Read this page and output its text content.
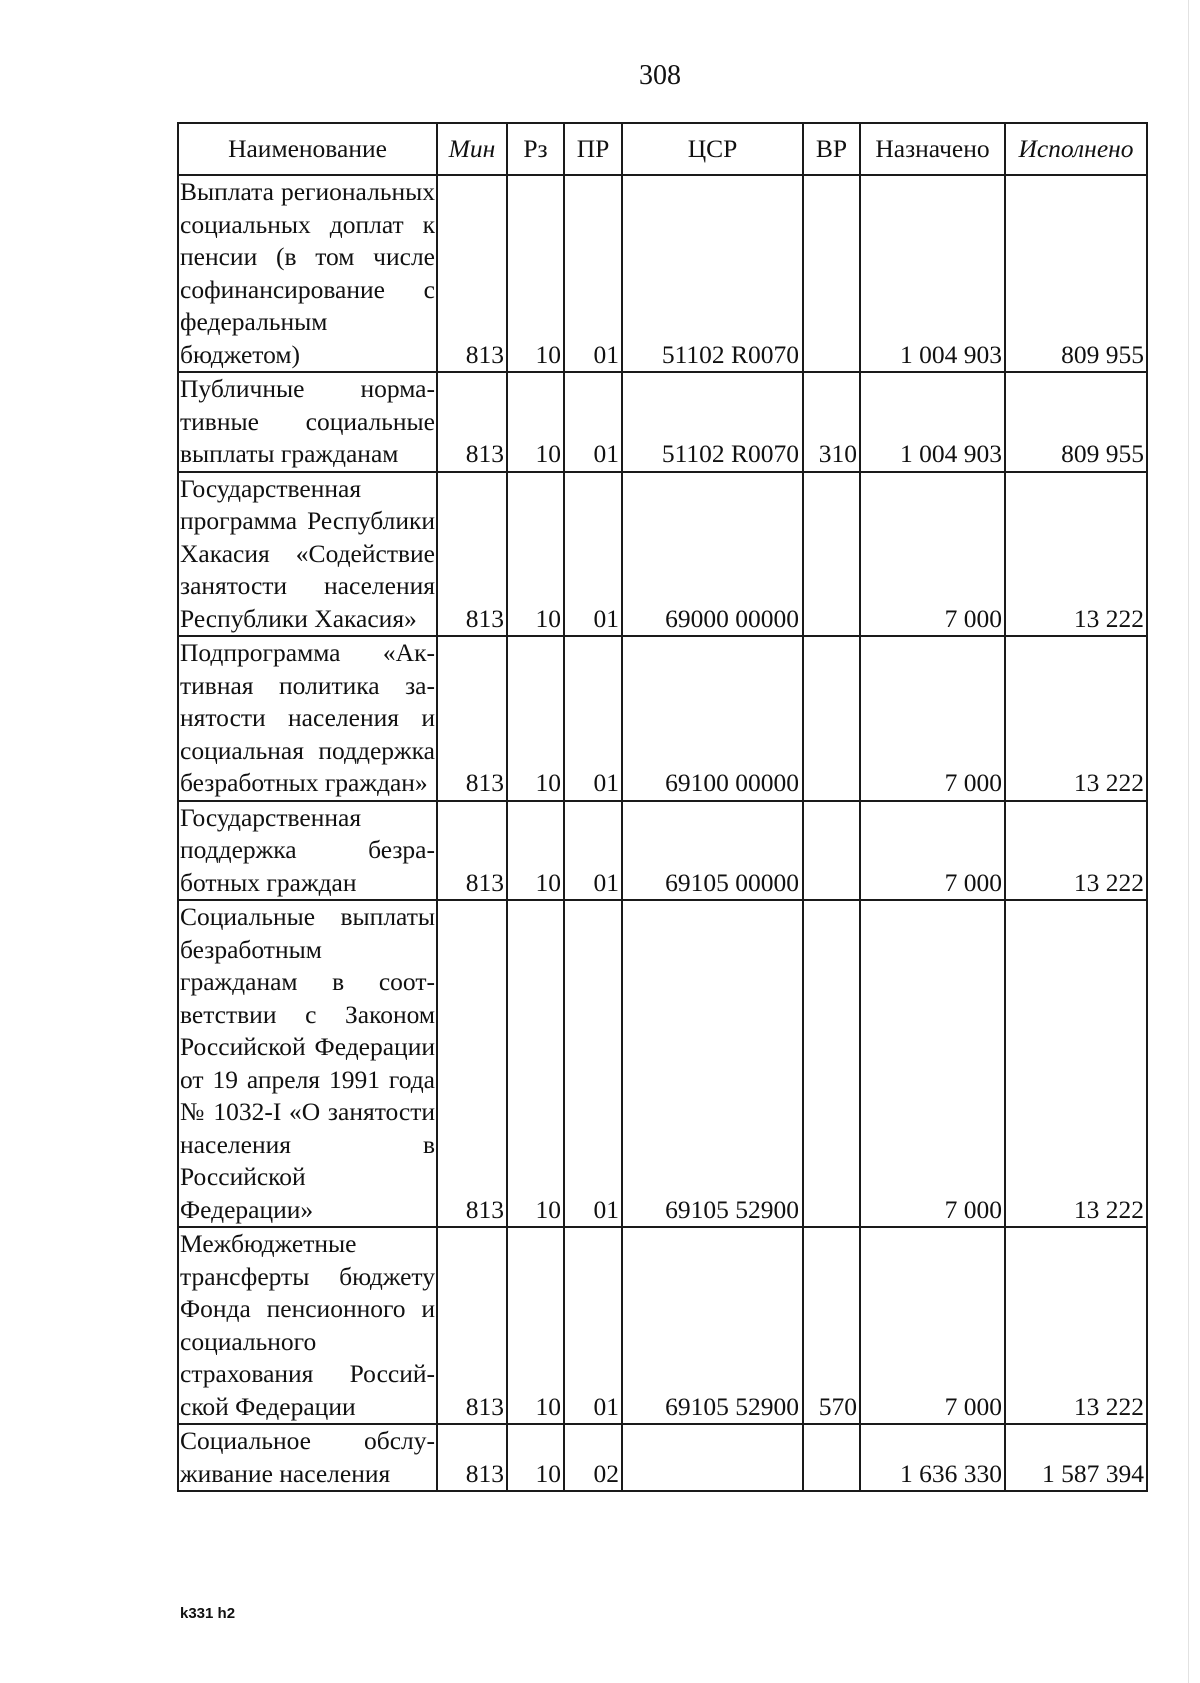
308
Наименование	Мин	Рз	ПР	ЦСР	ВР	Назначено	Исполнено
Выплата региональных социальных доплат к пенсии (в том числе софинансирование с федеральным бюджетом)	813	10	01	51102 R0070		1 004 903	809 955
Публичные нормативные социальные выплаты гражданам	813	10	01	51102 R0070	310	1 004 903	809 955
Государственная программа Республики Хакасия «Содействие занятости населения Республики Хакасия»	813	10	01	69000 00000		7 000	13 222
Подпрограмма «Активная политика занятости населения и социальная поддержка безработных граждан»	813	10	01	69100 00000		7 000	13 222
Государственная поддержка безработных граждан	813	10	01	69105 00000		7 000	13 222
Социальные выплаты безработным гражданам в соответствии с Законом Российской Федерации от 19 апреля 1991 года № 1032-I «О занятости населения в Российской Федерации»	813	10	01	69105 52900		7 000	13 222
Межбюджетные трансферты бюджету Фонда пенсионного и социального страхования Российской Федерации	813	10	01	69105 52900	570	7 000	13 222
Социальное обслуживание населения	813	10	02			1 636 330	1 587 394
k331 h2
